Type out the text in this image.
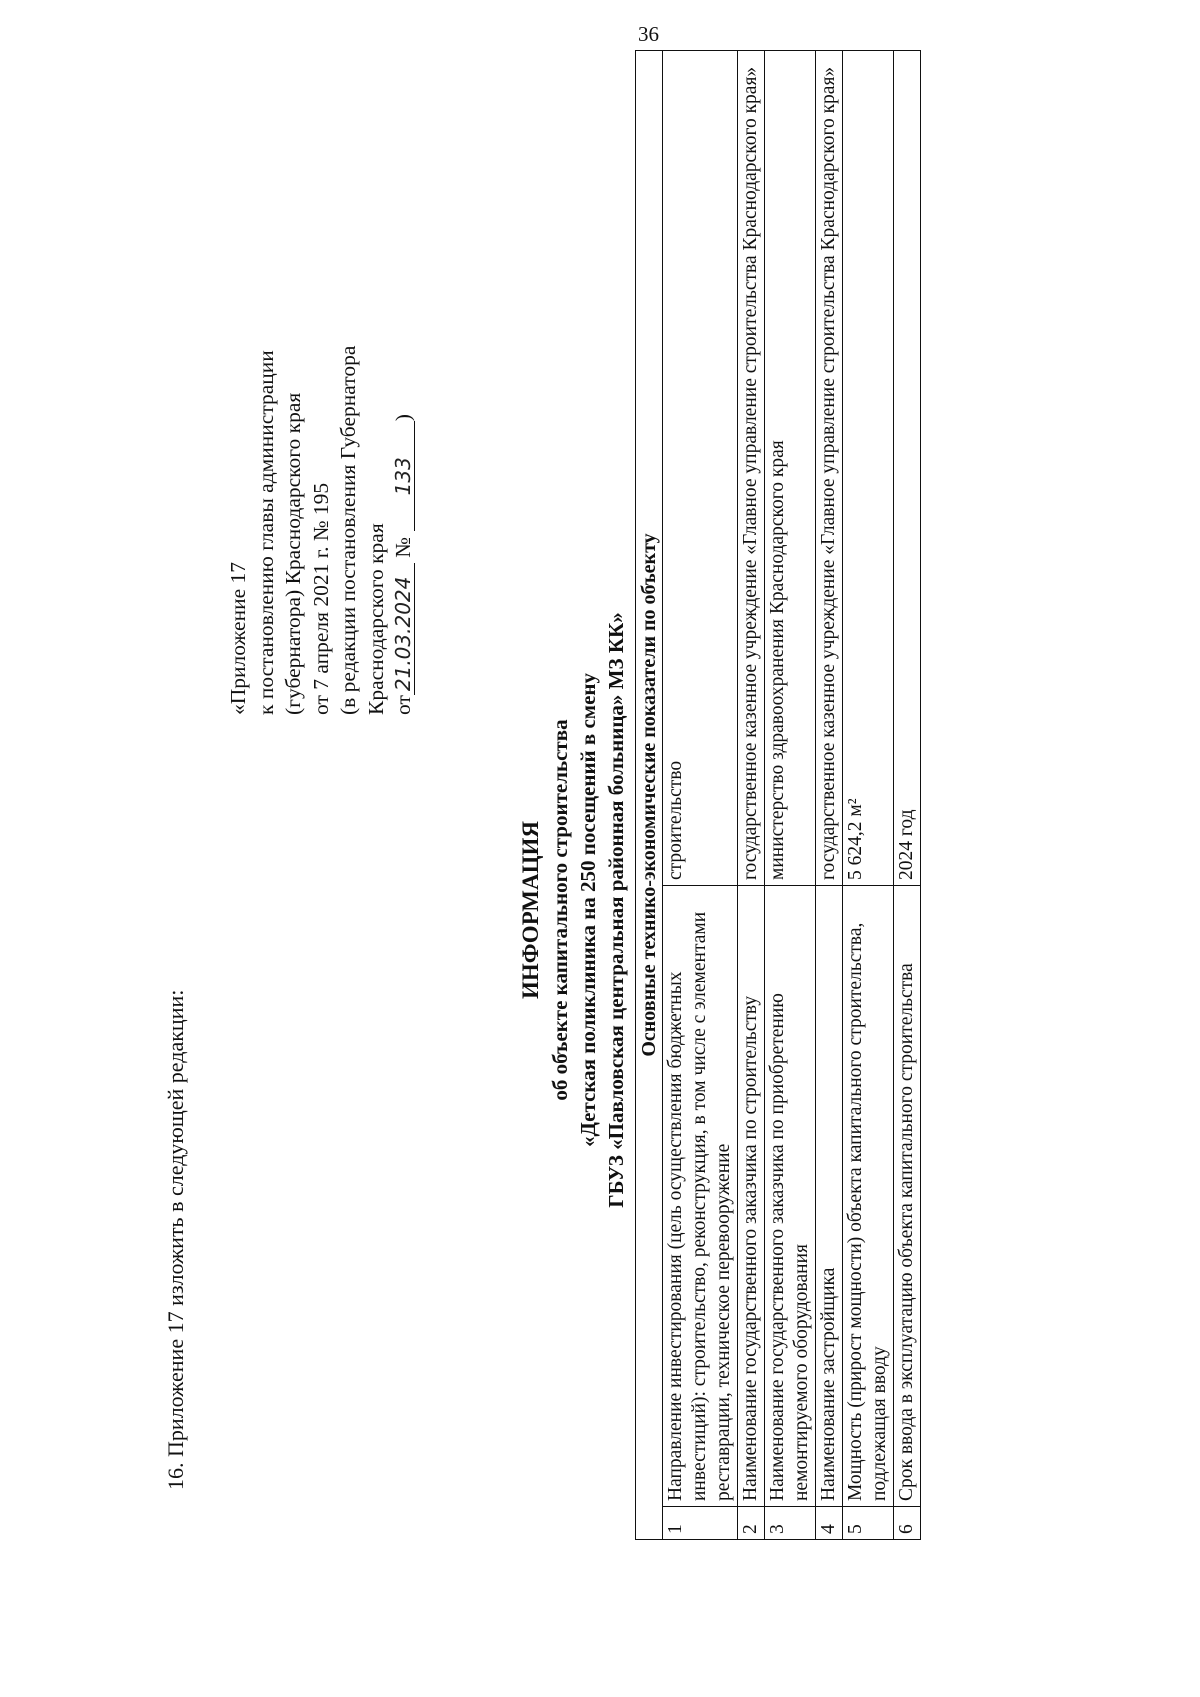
36
16. Приложение 17 изложить в следующей редакции:
«Приложение 17 к постановлению главы администрации (губернатора) Краснодарского края от 7 апреля 2021 г. № 195 (в редакции постановления Губернатора Краснодарского края от21.03.2024 №133)
ИНФОРМАЦИЯ об объекте капитального строительства «Детская поликлиника на 250 посещений в смену ГБУЗ «Павловская центральная районная больница» МЗ КК» Основные технико-экономические показатели по объекту		
1	Направление инвестирования (цель осуществления бюджетных инвестиций): строительство, реконструкция, в том числе с элементами реставрации, техническое перевооружение	строительство
2	Наименование государственного заказчика по строительству	государственное казенное учреждение «Главное управление строительства Краснодарского края»
3	Наименование государственного заказчика по приобретению немонтируемого оборудования	министерство здравоохранения Краснодарского края
4	Наименование застройщика	государственное казенное учреждение «Главное управление строительства Краснодарского края»
5	Мощность (прирост мощности) объекта капитального строительства, подлежащая вводу	5 624,2 м²
6	Срок ввода в эксплуатацию объекта капитального строительства	2024 год
